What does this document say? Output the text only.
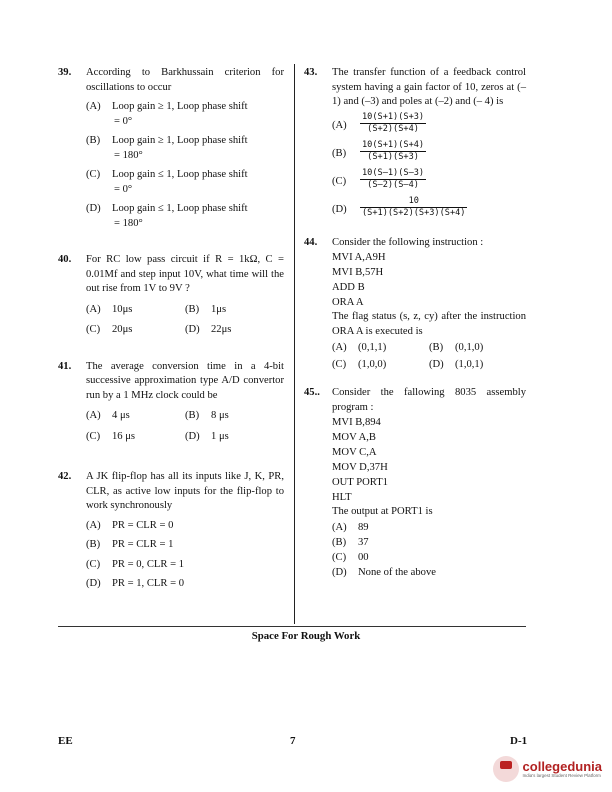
39. According to Barkhussain criterion for oscillations to occur
(A) Loop gain ≥ 1, Loop phase shift
= 0°
(B) Loop gain ≥ 1, Loop phase shift
= 180°
(C) Loop gain ≤ 1, Loop phase shift
= 0°
(D) Loop gain ≤ 1, Loop phase shift
= 180°
40. For RC low pass circuit if R = 1kΩ, C = 0.01Mf and step input 10V, what time will the out rise from 1V to 9V ?
(A) 10μs	(B) 1μs
(C) 20μs	(D) 22μs
41. The average conversion time in a 4-bit successive approximation type A/D convertor run by a 1 MHz clock could be
(A) 4 μs	(B) 8 μs
(C) 16 μs	(D) 1 μs
42. A JK flip-flop has all its inputs like J, K, PR, CLR, as active low inputs for the flip-flop to work synchronously
(A) PR = CLR = 0
(B) PR = CLR = 1
(C) PR = 0, CLR = 1
(D) PR = 1, CLR = 0
43. The transfer function of a feedback control system having a gain factor of 10, zeros at (–1) and (–3) and poles at (–2) and (– 4) is
$(A) \frac{10(S+1)(S+3)}{(S+2)(S+4)}$
$(B) \frac{10(S+1)(S+4)}{(S+1)(S+3)}$
$(C) \frac{10(S-1)(S-3)}{(S-2)(S-4)}$
$(D) \frac{10}{(S+1)(S+2)(S+3)(S+4)}$
44. Consider the following instruction :
MVI A,A9H
MVI B,57H
ADD B
ORA A
The flag status (s, z, cy) after the instruction ORA A is executed is
(A) (0,1,1)	(B) (0,1,0)
(C) (1,0,0)	(D) (1,0,1)
45.. Consider the fallowing 8035 assembly program :
MVI B,894
MOV A,B
MOV C,A
MOV D,37H
OUT PORT1
HLT
The output at PORT1 is
(A) 89
(B) 37
(C) 00
(D) None of the above
Space For Rough Work
EE	7	D-1
collegedunia
India's largest Student Review Platform
